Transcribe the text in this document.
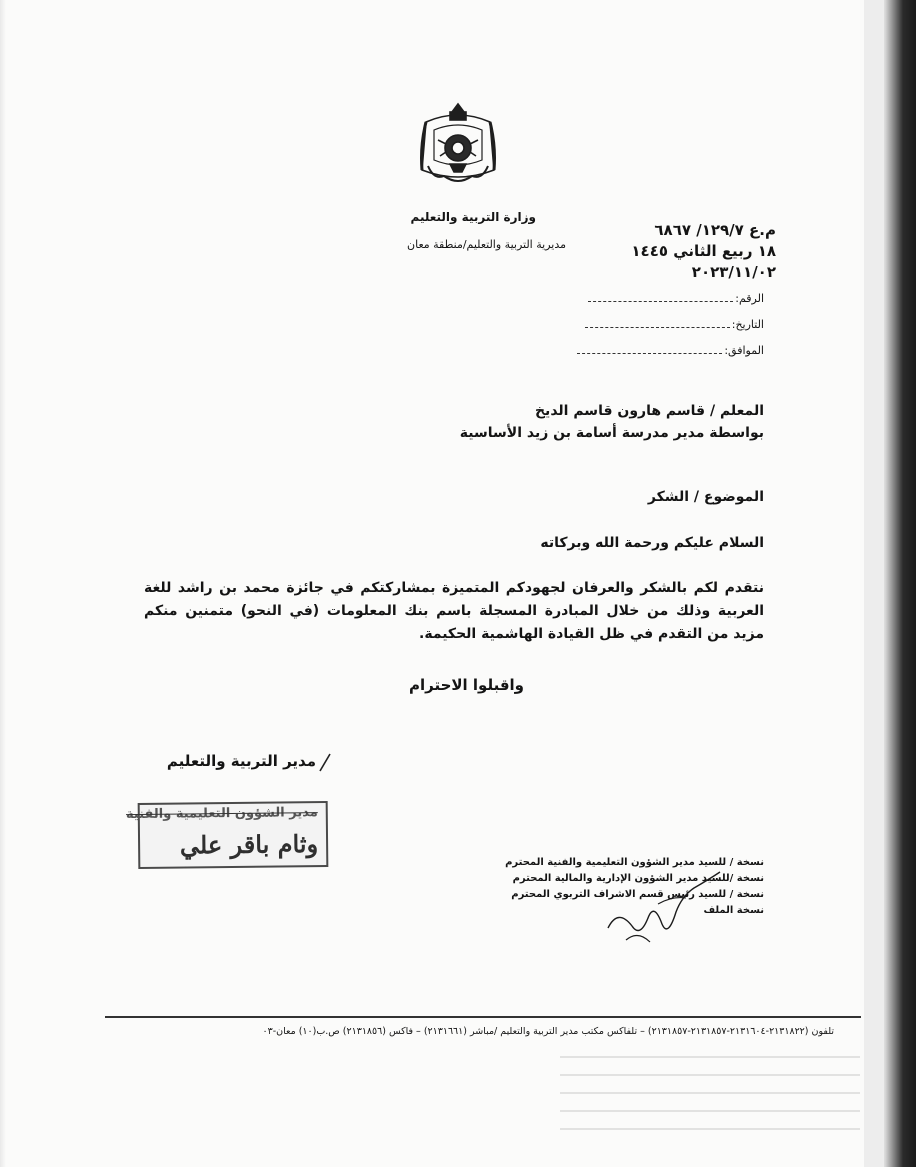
وزارة التربية والتعليم
مديرية التربية والتعليم/منطقة معان
م.ع ١٢٩/٧/ ٦٨٦٧
١٨ ربيع الثاني ١٤٤٥
٢٠٢٣/١١/٠٢
الرقم:
التاريخ:
الموافق:
المعلم / قاسم هارون قاسم الديخ
بواسطة مدير مدرسة أسامة بن زيد الأساسية
الموضوع / الشكر
السلام عليكم ورحمة الله وبركاته
نتقدم لكم بالشكر والعرفان لجهودكم المتميزة بمشاركتكم في جائزة محمد بن راشد للغة العربية وذلك من خلال المبادرة المسجلة باسم بنك المعلومات (في النحو) متمنين منكم مزيد من التقدم في ظل القيادة الهاشمية الحكيمة.
واقبلوا الاحترام
مدير التربية والتعليم
مدير الشؤون التعليمية والفنية
وثام باقر علي
نسخة / للسيد مدير الشؤون التعليمية والفنية المحترم
نسخة /للسيد مدير الشؤون الإدارية والمالية المحترم
نسخة / للسيد رئيس قسم الاشراف التربوي المحترم
نسخة الملف
تلفون (٢١٣١٨٢٢-٢١٣١٦٠٤-٢١٣١٨٥٧-٢١٣١٨٥٧) – تلفاكس مكتب مدير التربية والتعليم /مباشر (٢١٣١٦٦١) – فاكس (٢١٣١٨٥٦) ص.ب(١٠) معان-٠٣
